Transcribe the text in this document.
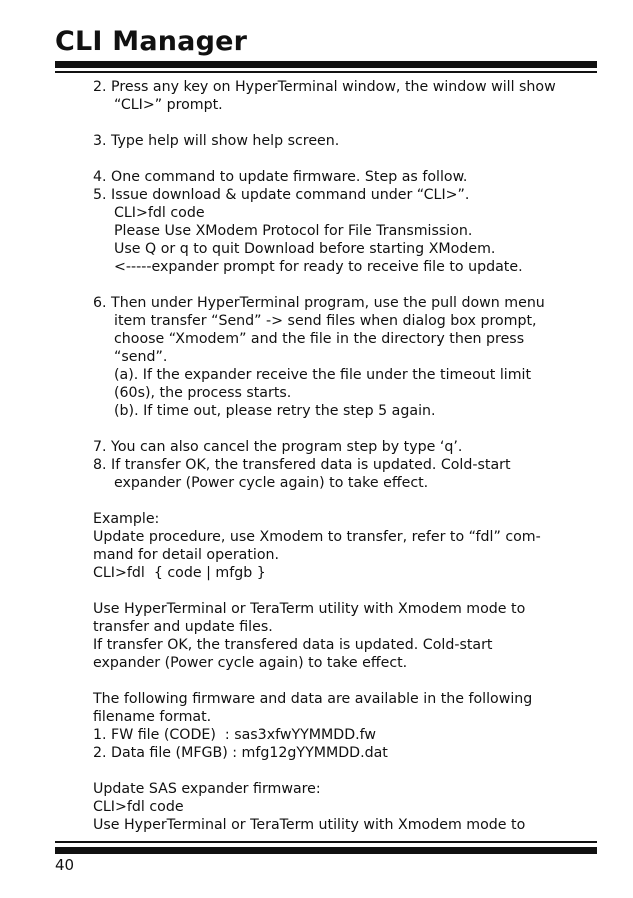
CLI Manager
2. Press any key on HyperTerminal window, the window will show
“CLI>” prompt.
3. Type help will show help screen.
4. One command to update firmware. Step as follow.
5. Issue download & update command under “CLI>”.
CLI>fdl code
Please Use XModem Protocol for File Transmission.
Use Q or q to quit Download before starting XModem.
<-----expander prompt for ready to receive file to update.
6. Then under HyperTerminal program, use the pull down menu
item transfer “Send” -> send files when dialog box prompt,
choose “Xmodem” and the file in the directory then press
“send”.
(a). If the expander receive the file under the timeout limit
(60s), the process starts.
(b). If time out, please retry the step 5 again.
7. You can also cancel the program step by type ‘q’.
8. If transfer OK, the transfered data is updated. Cold-start
expander (Power cycle again) to take effect.
Example:
Update procedure, use Xmodem to transfer, refer to “fdl” com-
mand for detail operation.
CLI>fdl  { code | mfgb }
Use HyperTerminal or TeraTerm utility with Xmodem mode to
transfer and update files.
If transfer OK, the transfered data is updated. Cold-start
expander (Power cycle again) to take effect.
The following firmware and data are available in the following
filename format.
1. FW file (CODE)  : sas3xfwYYMMDD.fw
2. Data file (MFGB) : mfg12gYYMMDD.dat
Update SAS expander firmware:
CLI>fdl code
Use HyperTerminal or TeraTerm utility with Xmodem mode to
40
